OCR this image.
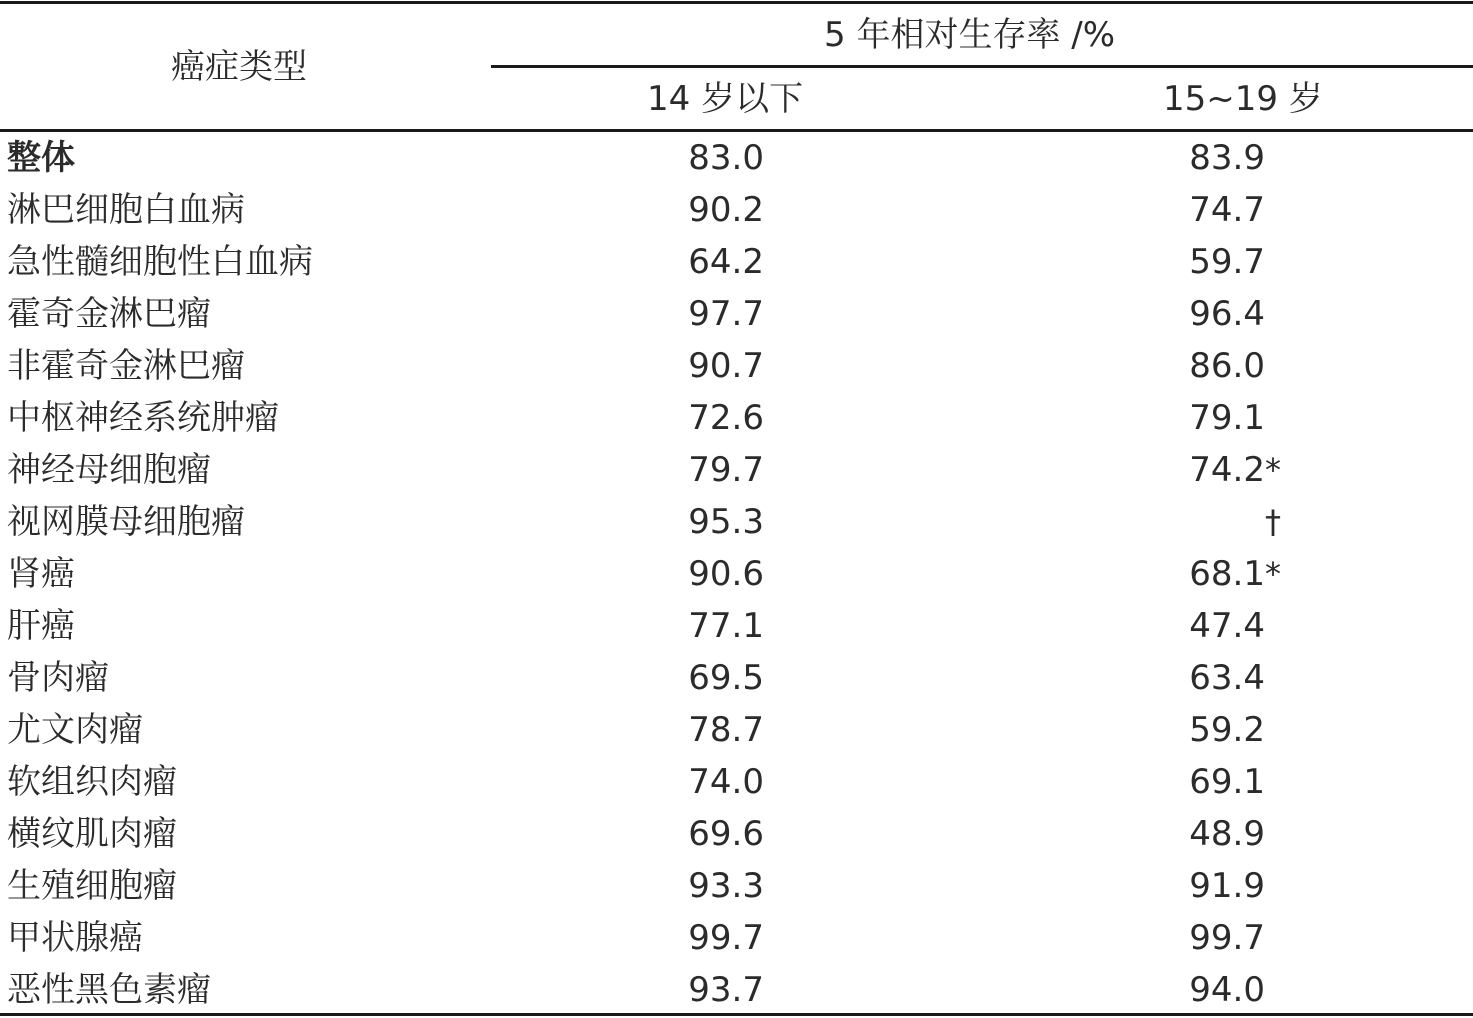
癌症类型
5 年相对生存率 /%
14 岁以下	15~19 岁
整体	83.0	83.9
淋巴细胞白血病	90.2	74.7
急性髓细胞性白血病	64.2	59.7
霍奇金淋巴瘤	97.7	96.4
非霍奇金淋巴瘤	90.7	86.0
中枢神经系统肿瘤	72.6	79.1
神经母细胞瘤	79.7	74.2 *
视网膜母细胞瘤	95.3	†
肾癌	90.6	68.1 *
肝癌	77.1	47.4
骨肉瘤	69.5	63.4
尤文肉瘤	78.7	59.2
软组织肉瘤	74.0	69.1
横纹肌肉瘤	69.6	48.9
生殖细胞瘤	93.3	91.9
甲状腺癌	99.7	99.7
恶性黑色素瘤	93.7	94.0
